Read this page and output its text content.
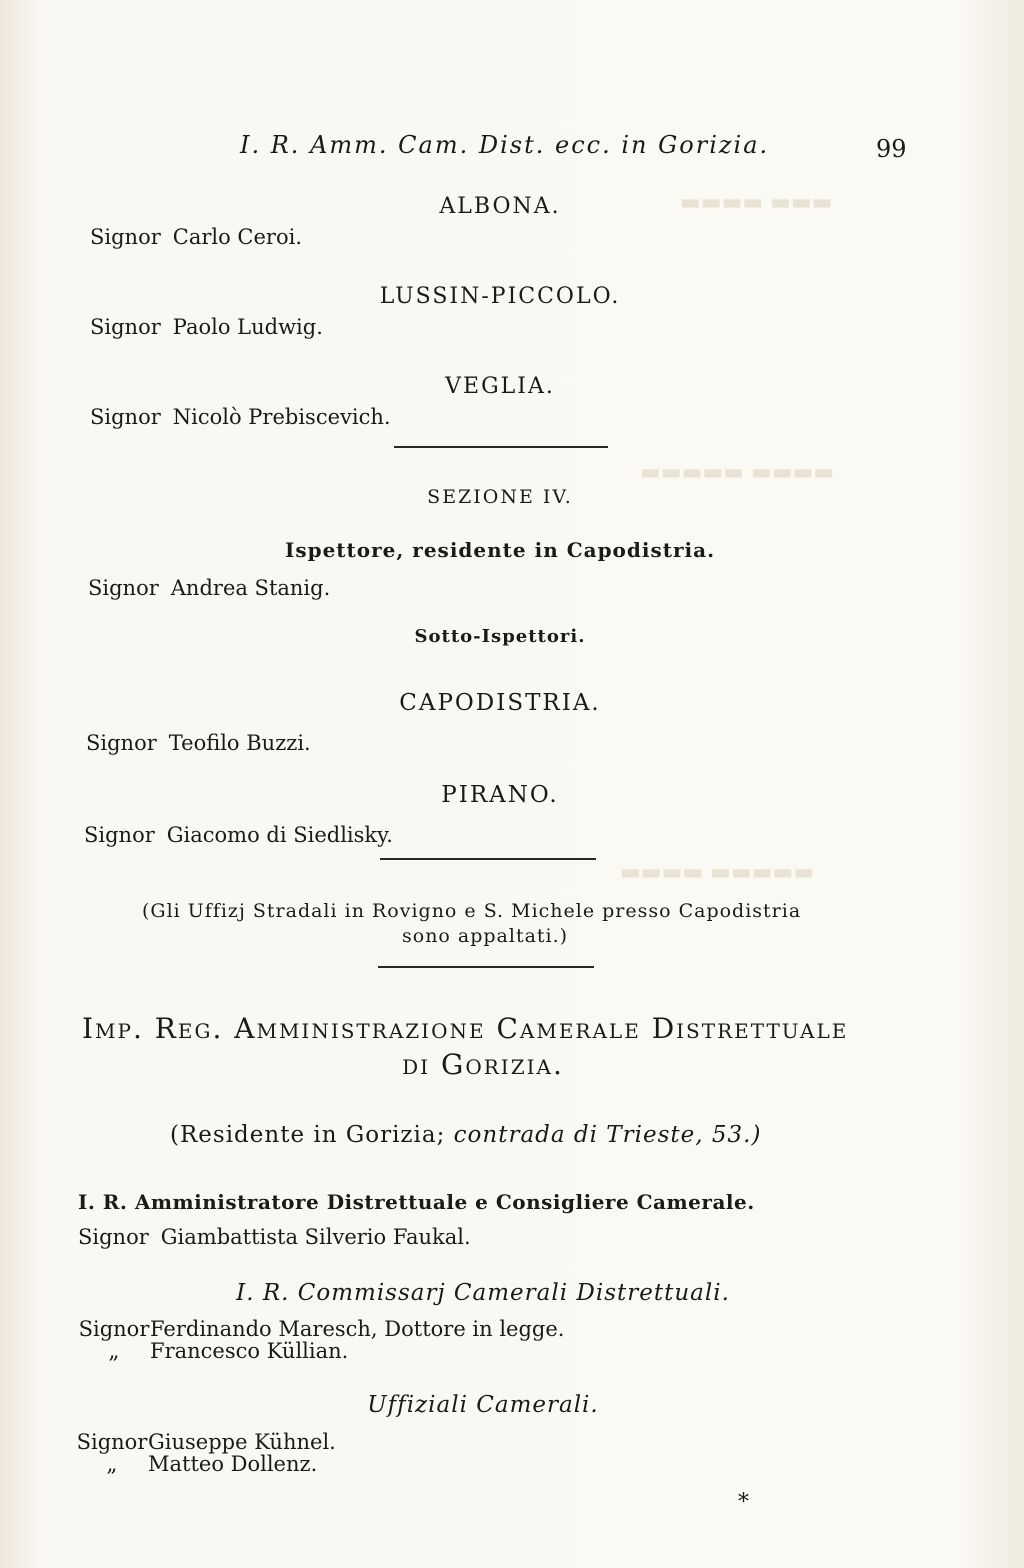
▬▬▬ ▬▬▬▬
▬▬▬▬ ▬▬▬▬▬
▬▬▬▬▬ ▬▬▬▬
I. R. Amm. Cam. Dist. ecc. in Gorizia.	99
ALBONA.
Signor Carlo Ceroi.
LUSSIN-PICCOLO.
Signor Paolo Ludwig.
VEGLIA.
Signor Nicolò Prebiscevich.
SEZIONE IV.
Ispettore, residente in Capodistria.
Signor Andrea Stanig.
Sotto-Ispettori.
CAPODISTRIA.
Signor Teofilo Buzzi.
PIRANO.
Signor Giacomo di Siedlisky.
(Gli Uffizj Stradali in Rovigno e S. Michele presso Capodistria
sono appaltati.)
Imp. Reg. Amministrazione Camerale Distrettuale
di Gorizia.
(Residente in Gorizia; contrada di Trieste, 53.)
I. R. Amministratore Distrettuale e Consigliere Camerale.
Signor Giambattista Silverio Faukal.
I. R. Commissarj Camerali Distrettuali.
SignorFerdinando Maresch, Dottore in legge.
„ Francesco Küllian.
Uffiziali Camerali.
SignorGiuseppe Kühnel.
„ Matteo Dollenz.
*
